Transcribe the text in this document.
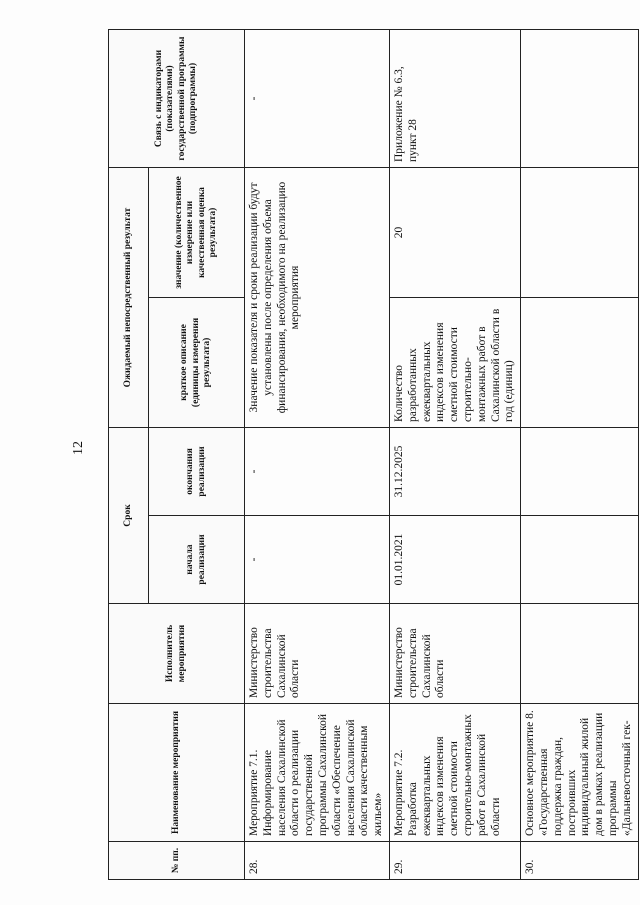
12
№ пп.	Наименование мероприятия	Исполнитель мероприятия	Срок		Ожидаемый непосредственный результат		Связь с индикаторами (показателями) государственной программы (подпрограммы)
			начала реализации	окончания реализации	краткое описание (единицы измерения результата)	значение (количественное измерение или качественная оценка результата)	
28.	Мероприятие 7.1. Информирование населения Сахалинской области о реализации государственной программы Сахалинской области «Обеспечение населения Сахалинской области качественным жильем»	Министерство строительства Сахалинской области	-	-	Значение показателя и сроки реализации будут установлены после определения объема финансирования, необходимого на реализацию мероприятия		-
29.	Мероприятие 7.2. Разработка ежеквартальных индексов изменения сметной стоимости строительно-монтажных работ в Сахалинской области	Министерство строительства Сахалинской области	01.01.2021	31.12.2025	Количество разработанных ежеквартальных индексов изменения сметной стоимости строительно-монтажных работ в Сахалинской области в год (единиц)	20	Приложение № 6.3, пункт 28
30.	Основное мероприятие 8. «Государственная поддержка граждан, построивших индивидуальный жилой дом в рамках реализации программы «Дальневосточный гек-						
